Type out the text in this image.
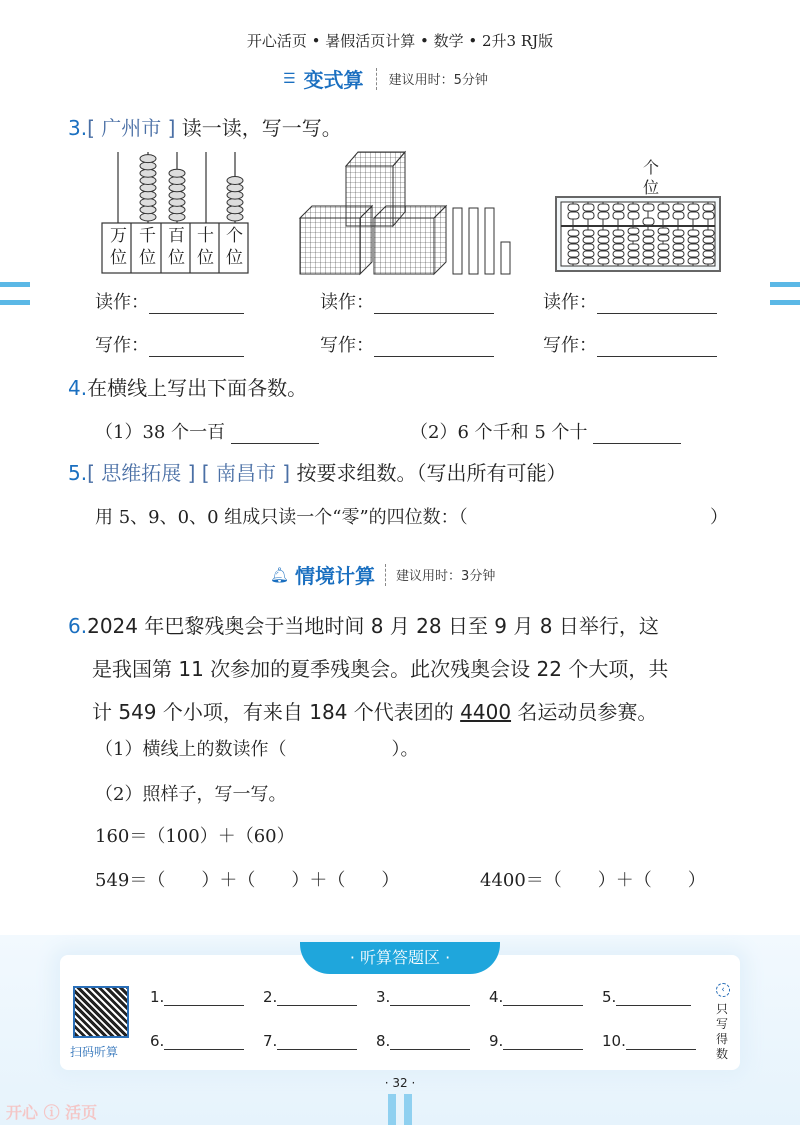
开心活页 • 暑假活页计算 • 数学 • 2升3 RJ版
☰ 变式算 建议用时：5分钟
3.[ 广州市 ] 读一读，写一写。
万位
千位
百位
十位
个位
个位
读作：	读作：	读作：
写作：	写作：	写作：
4.在横线上写出下面各数。
（1）38 个一百	（2）6 个千和 5 个十
5.[ 思维拓展 ] [ 南昌市 ] 按要求组数。（写出所有可能）
用 5、9、0、0 组成只读一个“零”的四位数：（	）
🔔︎ 情境计算 建议用时：3分钟
6.2024 年巴黎残奥会于当地时间 8 月 28 日至 9 月 8 日举行，这
是我国第 11 次参加的夏季残奥会。此次残奥会设 22 个大项，共
计 549 个小项，有来自 184 个代表团的 4400 名运动员参赛。
（1）横线上的数读作（	）。
（2）照样子，写一写。
160＝（100）＋（60）
549＝（　　）＋（　　）＋（　　）	4400＝（　　）＋（　　）
· 听算答题区 ·
扫码听算
1.	2.	3.	4.	5.
6.	7.	8.	9.	10.
‹
只写得数
· 32 ·
开心 ⓘ 活页
